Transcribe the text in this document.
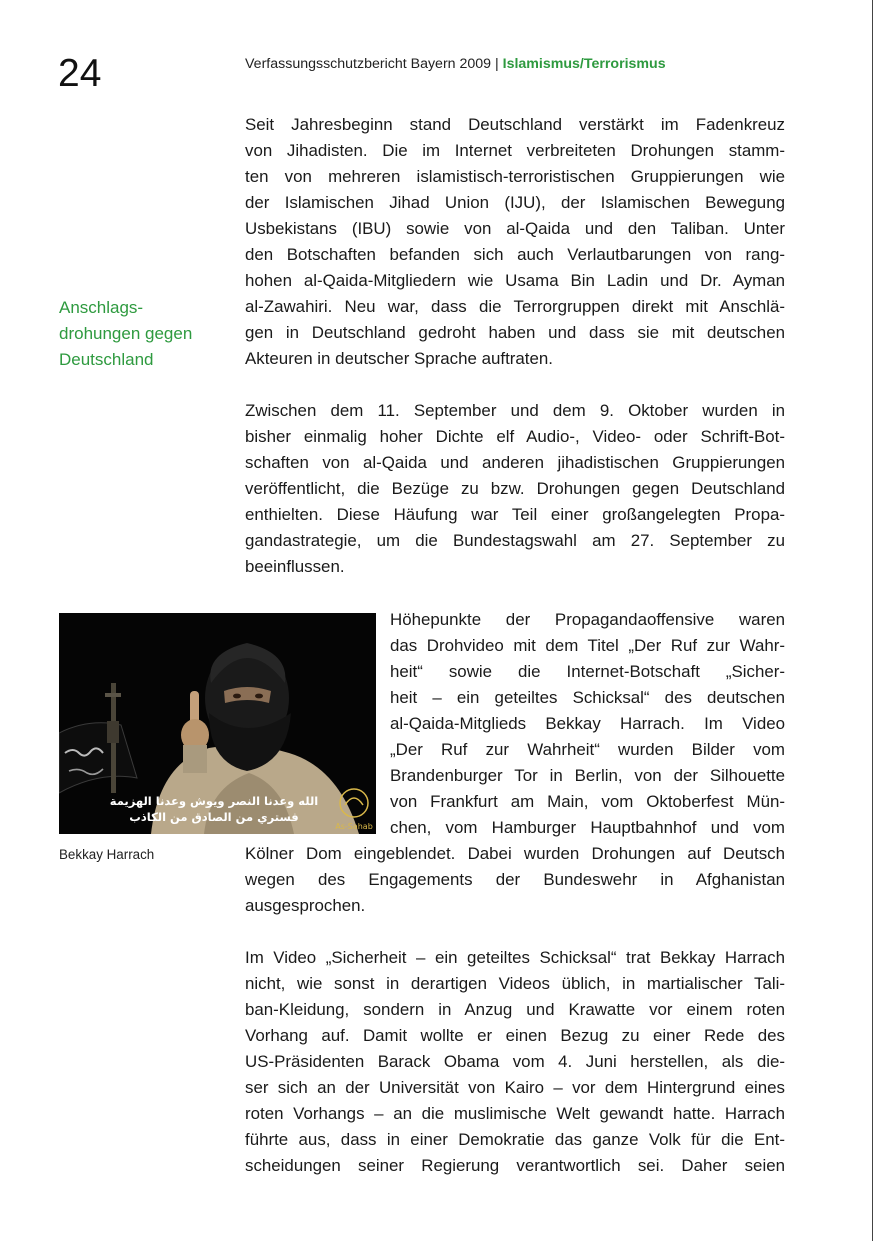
24	Verfassungsschutzbericht Bayern 2009 | Islamismus/Terrorismus
Anschlags-
drohungen gegen
Deutschland
Seit Jahresbeginn stand Deutschland verstärkt im Fadenkreuz
von Jihadisten. Die im Internet verbreiteten Drohungen stamm-
ten von mehreren islamistisch-terroristischen Gruppierungen wie
der Islamischen Jihad Union (IJU), der Islamischen Bewegung
Usbekistans (IBU) sowie von al-Qaida und den Taliban. Unter
den Botschaften befanden sich auch Verlautbarungen von rang-
hohen al-Qaida-Mitgliedern wie Usama Bin Ladin und Dr. Ayman
al-Zawahiri. Neu war, dass die Terrorgruppen direkt mit Anschlä-
gen in Deutschland gedroht haben und dass sie mit deutschen
Akteuren in deutscher Sprache auftraten.
Zwischen dem 11. September und dem 9. Oktober wurden in
bisher einmalig hoher Dichte elf Audio-, Video- oder Schrift-Bot-
schaften von al-Qaida und anderen jihadistischen Gruppierungen
veröffentlicht, die Bezüge zu bzw. Drohungen gegen Deutschland
enthielten. Diese Häufung war Teil einer großangelegten Propa-
gandastrategie, um die Bundestagswahl am 27. September zu
beeinflussen.
As-Sahab
الله وعدنا النصر ويوش وعدنا الهزيمة
فستري من الصادق من الكاذب
Bekkay Harrach
Höhepunkte der Propagandaoffensive waren
das Drohvideo mit dem Titel „Der Ruf zur Wahr-
heit“ sowie die Internet-Botschaft „Sicher-
heit – ein geteiltes Schicksal“ des deutschen
al-Qaida-Mitglieds Bekkay Harrach. Im Video
„Der Ruf zur Wahrheit“ wurden Bilder vom
Brandenburger Tor in Berlin, von der Silhouette
von Frankfurt am Main, vom Oktoberfest Mün-
chen, vom Hamburger Hauptbahnhof und vom
Kölner Dom eingeblendet. Dabei wurden Drohungen auf Deutsch
wegen des Engagements der Bundeswehr in Afghanistan
ausgesprochen.
Im Video „Sicherheit – ein geteiltes Schicksal“ trat Bekkay Harrach
nicht, wie sonst in derartigen Videos üblich, in martialischer Tali-
ban-Kleidung, sondern in Anzug und Krawatte vor einem roten
Vorhang auf. Damit wollte er einen Bezug zu einer Rede des
US-Präsidenten Barack Obama vom 4. Juni herstellen, als die-
ser sich an der Universität von Kairo – vor dem Hintergrund eines
roten Vorhangs – an die muslimische Welt gewandt hatte. Harrach
führte aus, dass in einer Demokratie das ganze Volk für die Ent-
scheidungen seiner Regierung verantwortlich sei. Daher seien
